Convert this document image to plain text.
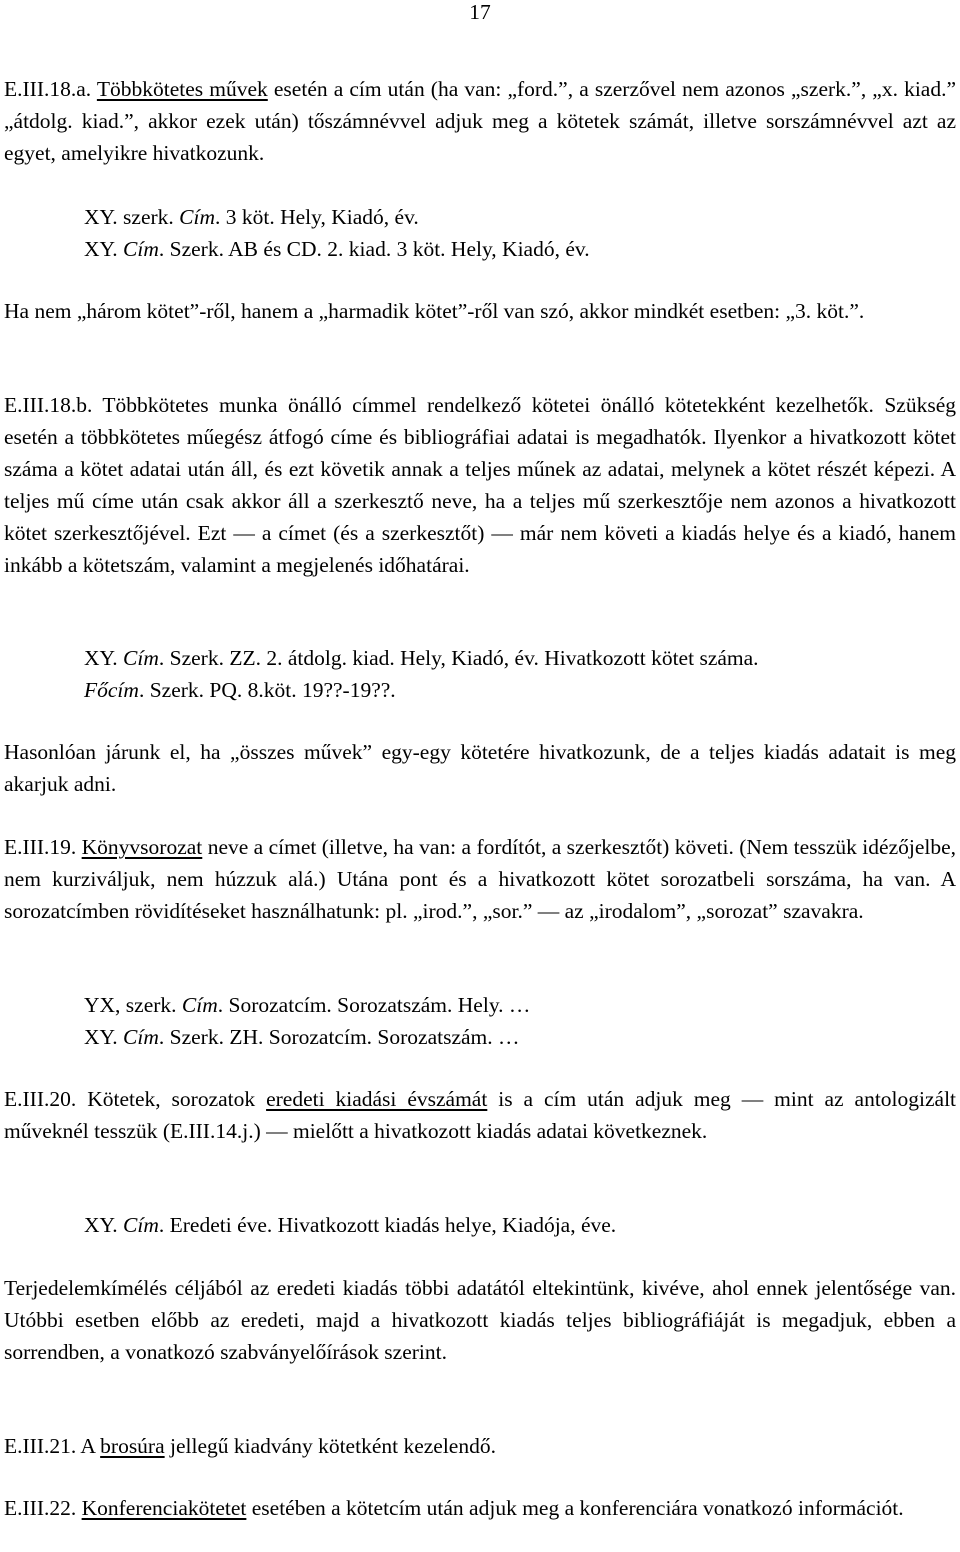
17

E.III.18.a. Többkötetes művek esetén a cím után (ha van: „ford.”, a szerzővel nem azonos „szerk.”, „x. kiad.” „átdolg. kiad.”, akkor ezek után) tőszámnévvel adjuk meg a kötetek számát, illetve sorszámnévvel azt az egyet, amelyikre hivatkozunk.

XY. szerk. Cím. 3 köt. Hely, Kiadó, év.

XY. Cím. Szerk. AB és CD. 2. kiad. 3 köt. Hely, Kiadó, év.

Ha nem „három kötet”-ről, hanem a „harmadik kötet”-ről van szó, akkor mindkét esetben: „3. köt.”.

E.III.18.b. Többkötetes munka önálló címmel rendelkező kötetei önálló kötetekként kezelhetők. Szükség esetén a többkötetes műegész átfogó címe és bibliográfiai adatai is megadhatók. Ilyenkor a hivatkozott kötet száma a kötet adatai után áll, és ezt követik annak a teljes műnek az adatai, melynek a kötet részét képezi. A teljes mű címe után csak akkor áll a szerkesztő neve, ha a teljes mű szerkesztője nem azonos a hivatkozott kötet szerkesztőjével. Ezt — a címet (és a szerkesztőt) — már nem követi a kiadás helye és a kiadó, hanem inkább a kötetszám, valamint a megjelenés időhatárai.

XY. Cím. Szerk. ZZ. 2. átdolg. kiad. Hely, Kiadó, év. Hivatkozott kötet száma.

Főcím. Szerk. PQ. 8.köt. 19??-19??.

Hasonlóan járunk el, ha „összes művek” egy-egy kötetére hivatkozunk, de a teljes kiadás adatait is meg akarjuk adni.

E.III.19. Könyvsorozat neve a címet (illetve, ha van: a fordítót, a szerkesztőt) követi. (Nem tesszük idézőjelbe, nem kurziváljuk, nem húzzuk alá.) Utána pont és a hivatkozott kötet sorozatbeli sorszáma, ha van. A sorozatcímben rövidítéseket használhatunk: pl. „irod.”, „sor.” — az „irodalom”, „sorozat” szavakra.

YX, szerk. Cím. Sorozatcím. Sorozatszám. Hely. …

XY. Cím. Szerk. ZH. Sorozatcím. Sorozatszám. …

E.III.20. Kötetek, sorozatok eredeti kiadási évszámát is a cím után adjuk meg — mint az antologizált műveknél tesszük (E.III.14.j.) — mielőtt a hivatkozott kiadás adatai következnek.

XY. Cím. Eredeti éve. Hivatkozott kiadás helye, Kiadója, éve.

Terjedelemkímélés céljából az eredeti kiadás többi adatától eltekintünk, kivéve, ahol ennek jelentősége van. Utóbbi esetben előbb az eredeti, majd a hivatkozott kiadás teljes bibliográfiáját is megadjuk, ebben a sorrendben, a vonatkozó szabványelőírások szerint.

E.III.21. A brosúra jellegű kiadvány kötetként kezelendő.

E.III.22. Konferenciakötetet esetében a kötetcím után adjuk meg a konferenciára vonatkozó információt.
